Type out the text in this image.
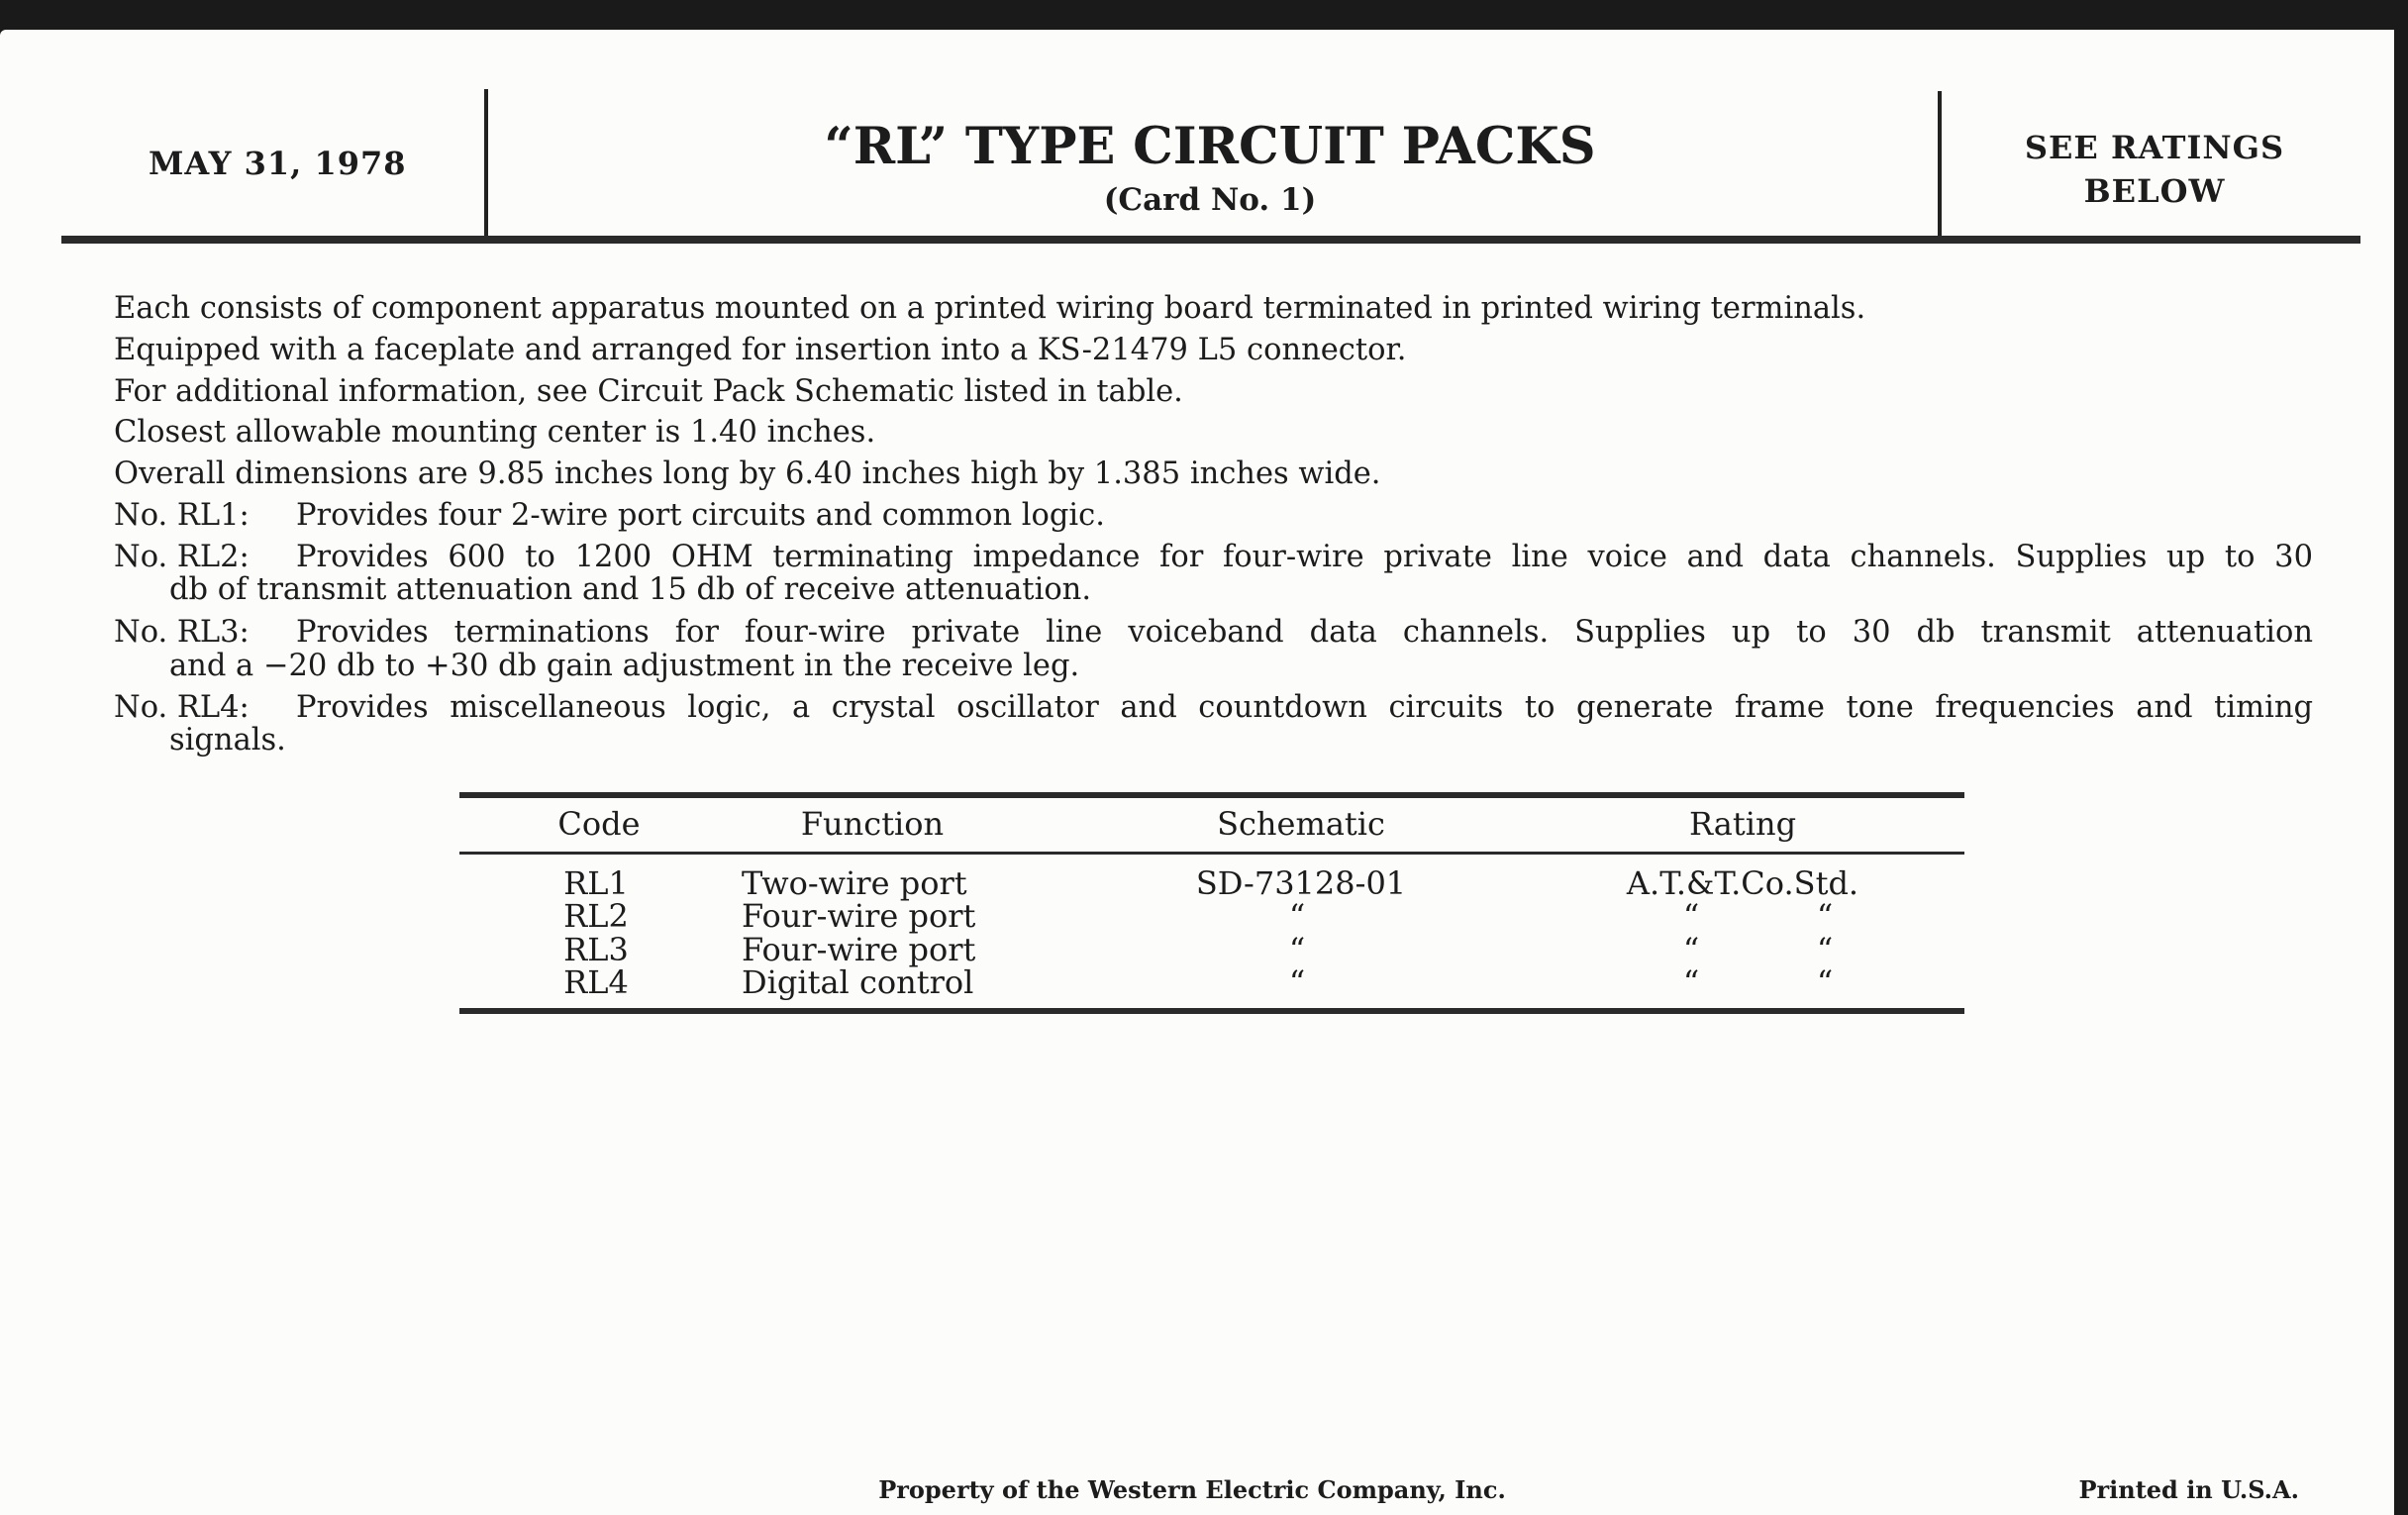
MAY 31, 1978	“RL” TYPE CIRCUIT PACKS
(Card No. 1)
SEE RATINGS
BELOW
Each consists of component apparatus mounted on a printed wiring board terminated in printed wiring terminals.
Equipped with a faceplate and arranged for insertion into a KS-21479 L5 connector.
For additional information, see Circuit Pack Schematic listed in table.
Closest allowable mounting center is 1.40 inches.
Overall dimensions are 9.85 inches long by 6.40 inches high by 1.385 inches wide.
No. RL1: Provides four 2-wire port circuits and common logic.
No. RL2: Provides 600 to 1200 OHM terminating impedance for four-wire private line voice and data channels. Supplies up to 30
db of transmit attenuation and 15 db of receive attenuation.
No. RL3: Provides terminations for four-wire private line voiceband data channels. Supplies up to 30 db transmit attenuation
and a −20 db to +30 db gain adjustment in the receive leg.
No. RL4: Provides miscellaneous logic, a crystal oscillator and countdown circuits to generate frame tone frequencies and timing
signals.
Code	Function	Schematic	Rating
RL1	Two-wire port	SD-73128-01	A.T.&T.Co.Std.
RL2	Four-wire port	“	“	“
RL3	Four-wire port	“	“	“
RL4	Digital control	“	“	“
Property of the Western Electric Company, Inc.	Printed in U.S.A.
